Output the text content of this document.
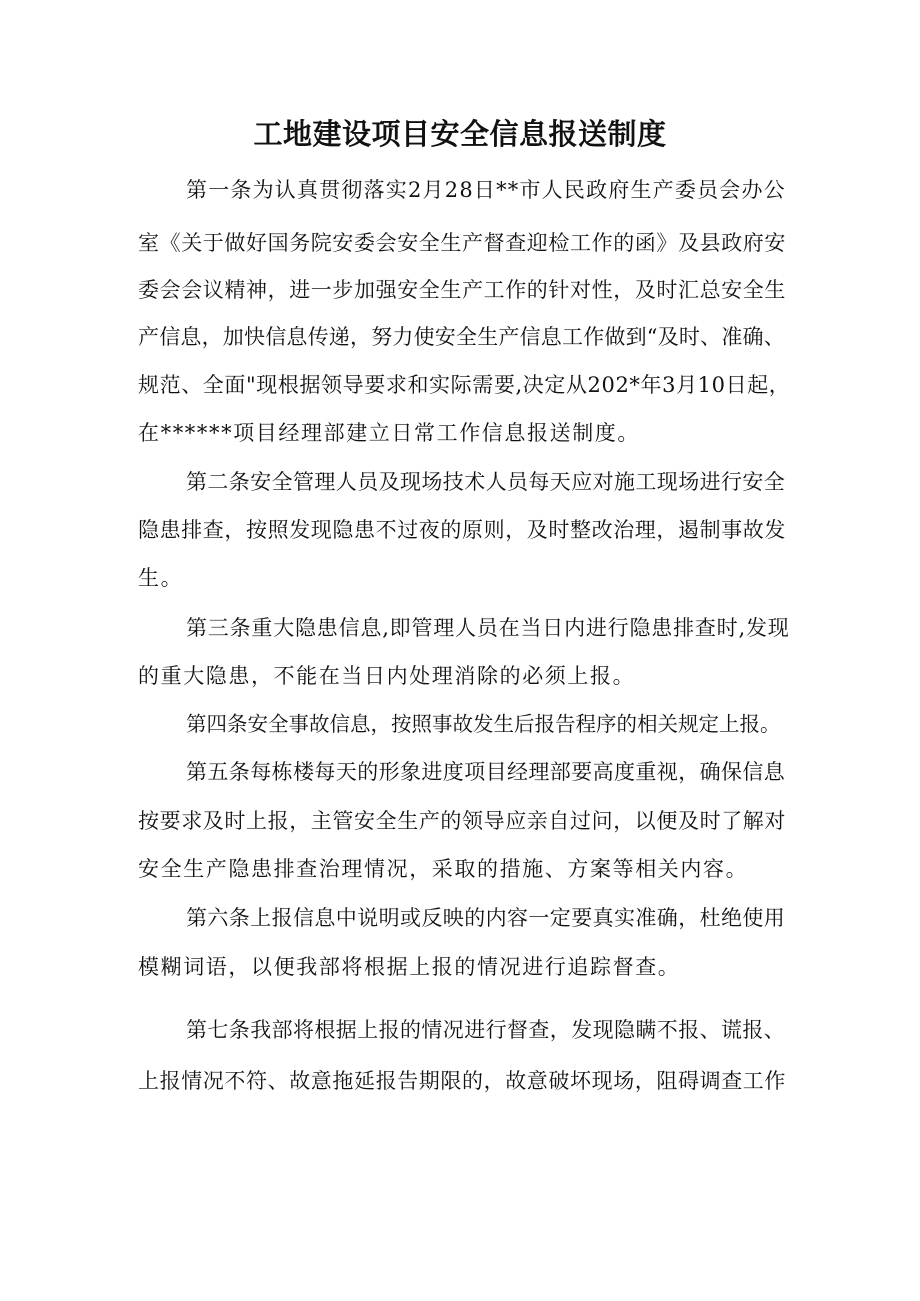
工地建设项目安全信息报送制度
第一条为认真贯彻落实2月28日**市人民政府生产委员会办公
室《关于做好国务院安委会安全生产督查迎检工作的函》及县政府安
委会会议精神，进一步加强安全生产工作的针对性，及时汇总安全生
产信息，加快信息传递，努力使安全生产信息工作做到“及时、准确、
规范、全面"现根据领导要求和实际需要,决定从202*年3月10日起，
在******项目经理部建立日常工作信息报送制度。
第二条安全管理人员及现场技术人员每天应对施工现场进行安全
隐患排查，按照发现隐患不过夜的原则，及时整改治理，遏制事故发
生。
第三条重大隐患信息,即管理人员在当日内进行隐患排查时,发现
的重大隐患，不能在当日内处理消除的必须上报。
第四条安全事故信息，按照事故发生后报告程序的相关规定上报。
第五条每栋楼每天的形象进度项目经理部要高度重视，确保信息
按要求及时上报，主管安全生产的领导应亲自过问，以便及时了解对
安全生产隐患排查治理情况，采取的措施、方案等相关内容。
第六条上报信息中说明或反映的内容一定要真实准确，杜绝使用
模糊词语，以便我部将根据上报的情况进行追踪督查。
第七条我部将根据上报的情况进行督查，发现隐瞒不报、谎报、
上报情况不符、故意拖延报告期限的，故意破坏现场，阻碍调查工作
